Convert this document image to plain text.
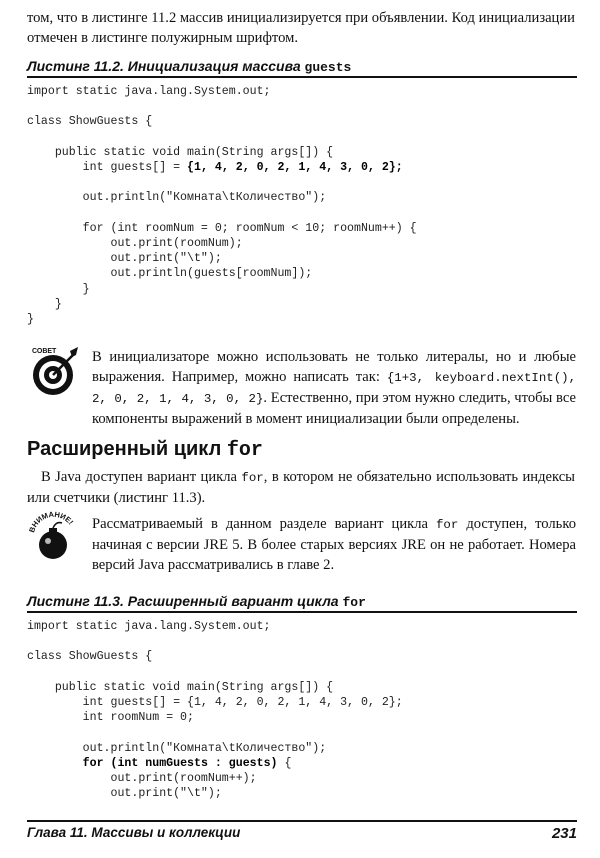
том, что в листинге 11.2 массив инициализируется при объявлении. Код инициализации отмечен в листинге полужирным шрифтом.
Листинг 11.2. Инициализация массива guests
import static java.lang.System.out;

class ShowGuests {

public static void main(String args[]) {
int guests[] = {1, 4, 2, 0, 2, 1, 4, 3, 0, 2};

out.println("Комната\tКоличество");

for (int roomNum = 0; roomNum < 10; roomNum++) {
out.print(roomNum);
out.print("\t");
out.println(guests[roomNum]);
}
}
}
СОВЕТ В инициализаторе можно использовать не только литералы, но и любые выражения. Например, можно написать так: {1+3, keyboard.nextInt(), 2, 0, 2, 1, 4, 3, 0, 2}. Естественно, при этом нужно следить, чтобы все компоненты выражений в момент инициализации были определены.
Расширенный цикл for
В Java доступен вариант цикла for, в котором не обязательно использовать индексы или счетчики (листинг 11.3).
ВНИМАНИЕ! Рассматриваемый в данном разделе вариант цикла for доступен, только начиная с версии JRE 5. В более старых версиях JRE он не работает. Номера версий Java рассматривались в главе 2.
Листинг 11.3. Расширенный вариант цикла for
import static java.lang.System.out;

class ShowGuests {

public static void main(String args[]) {
int guests[] = {1, 4, 2, 0, 2, 1, 4, 3, 0, 2};
int roomNum = 0;

out.println("Комната\tКоличество");
for (int numGuests : guests) {
out.print(roomNum++);
out.print("\t");
Глава 11. Массивы и коллекции	231
